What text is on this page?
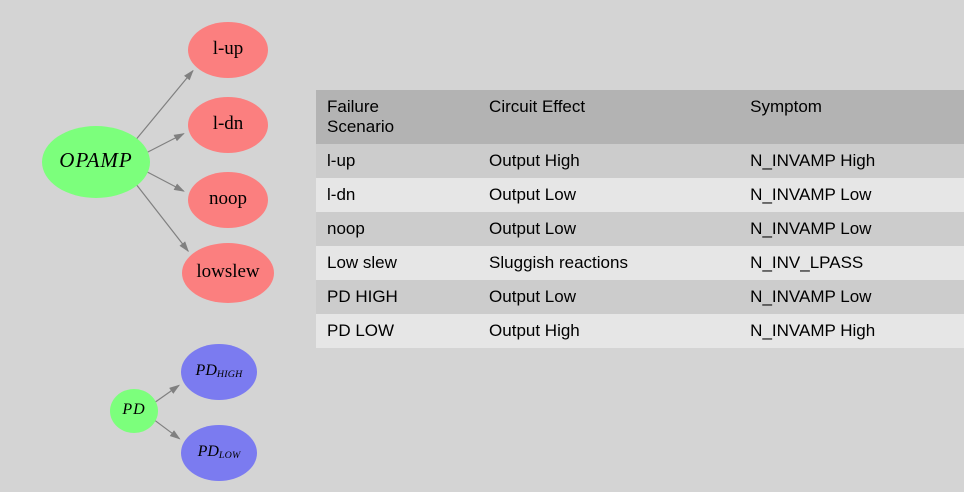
OPAMP
l-up
l-dn
noop
lowslew
PD
$PD_{HIGH}$
$PD_{LOW}$
Failure Scenario		Circuit Effect		Symptom
l-up		Output High		N_INVAMP High
l-dn		Output Low		N_INVAMP Low
noop		Output Low		N_INVAMP Low
Low slew		Sluggish reactions		N_INV_LPASS
PD HIGH		Output Low		N_INVAMP Low
PD LOW		Output High		N_INVAMP High
